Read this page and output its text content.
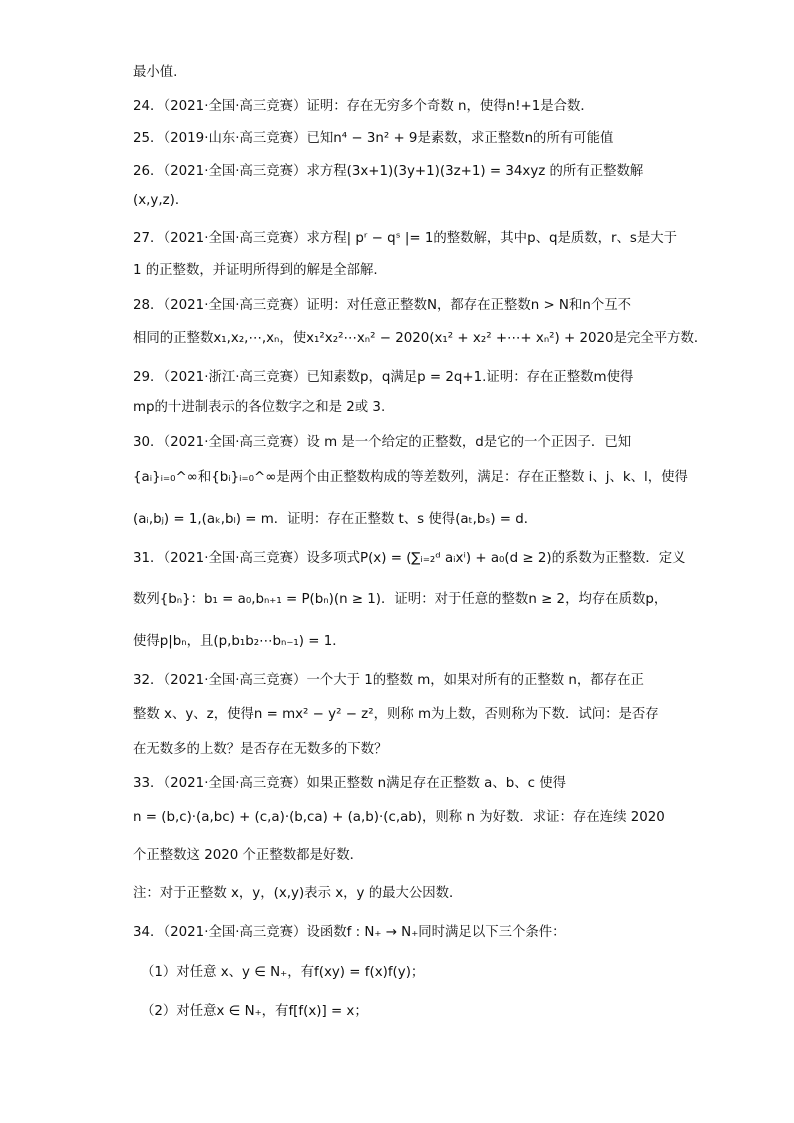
最小值.
24．（2021·全国·高三竞赛）证明：存在无穷多个奇数 n，使得n!+1是合数．
25．（2019·山东·高三竞赛）已知n⁴ − 3n² + 9是素数，求正整数n的所有可能值
26．（2021·全国·高三竞赛）求方程(3x+1)(3y+1)(3z+1) = 34xyz 的所有正整数解
(x,y,z)．
27．（2021·全国·高三竞赛）求方程| pʳ − qˢ |= 1的整数解，其中p、q是质数，r、s是大于
1 的正整数，并证明所得到的解是全部解.
28．（2021·全国·高三竞赛）证明：对任意正整数N，都存在正整数n > N和n个互不
相同的正整数x₁,x₂,⋯,xₙ，使x₁²x₂²⋯xₙ² − 2020(x₁² + x₂² +⋯+ xₙ²) + 2020是完全平方数．
29．（2021·浙江·高三竞赛）已知素数p，q满足p = 2q+1.证明：存在正整数m使得
mp的十进制表示的各位数字之和是 2或 3.
30．（2021·全国·高三竞赛）设 m 是一个给定的正整数，d是它的一个正因子．已知
{aᵢ}ᵢ₌₀^∞和{bᵢ}ᵢ₌₀^∞是两个由正整数构成的等差数列，满足：存在正整数 i、j、k、l，使得
(aᵢ,bⱼ) = 1,(aₖ,bₗ) = m．证明：存在正整数 t、s 使得(aₜ,bₛ) = d．
31．（2021·全国·高三竞赛）设多项式P(x) = (∑ᵢ₌₂ᵈ aᵢxⁱ) + a₀(d ≥ 2)的系数为正整数．定义
数列{bₙ}：b₁ = a₀,bₙ₊₁ = P(bₙ)(n ≥ 1)．证明：对于任意的整数n ≥ 2，均存在质数p，
使得p|bₙ，且(p,b₁b₂⋯bₙ₋₁) = 1．
32．（2021·全国·高三竞赛）一个大于 1的整数 m，如果对所有的正整数 n，都存在正
整数 x、y、z，使得n = mx² − y² − z²，则称 m为上数，否则称为下数．试问：是否存
在无数多的上数？是否存在无数多的下数？
33．（2021·全国·高三竞赛）如果正整数 n满足存在正整数 a、b、c 使得
n = (b,c)·(a,bc) + (c,a)·(b,ca) + (a,b)·(c,ab)，则称 n 为好数．求证：存在连续 2020
个正整数这 2020 个正整数都是好数．
注：对于正整数 x，y，(x,y)表示 x，y 的最大公因数．
34．（2021·全国·高三竞赛）设函数f : N₊ → N₊同时满足以下三个条件：
（1）对任意 x、y ∈ N₊，有f(xy) = f(x)f(y)；
（2）对任意x ∈ N₊，有f[f(x)] = x；
